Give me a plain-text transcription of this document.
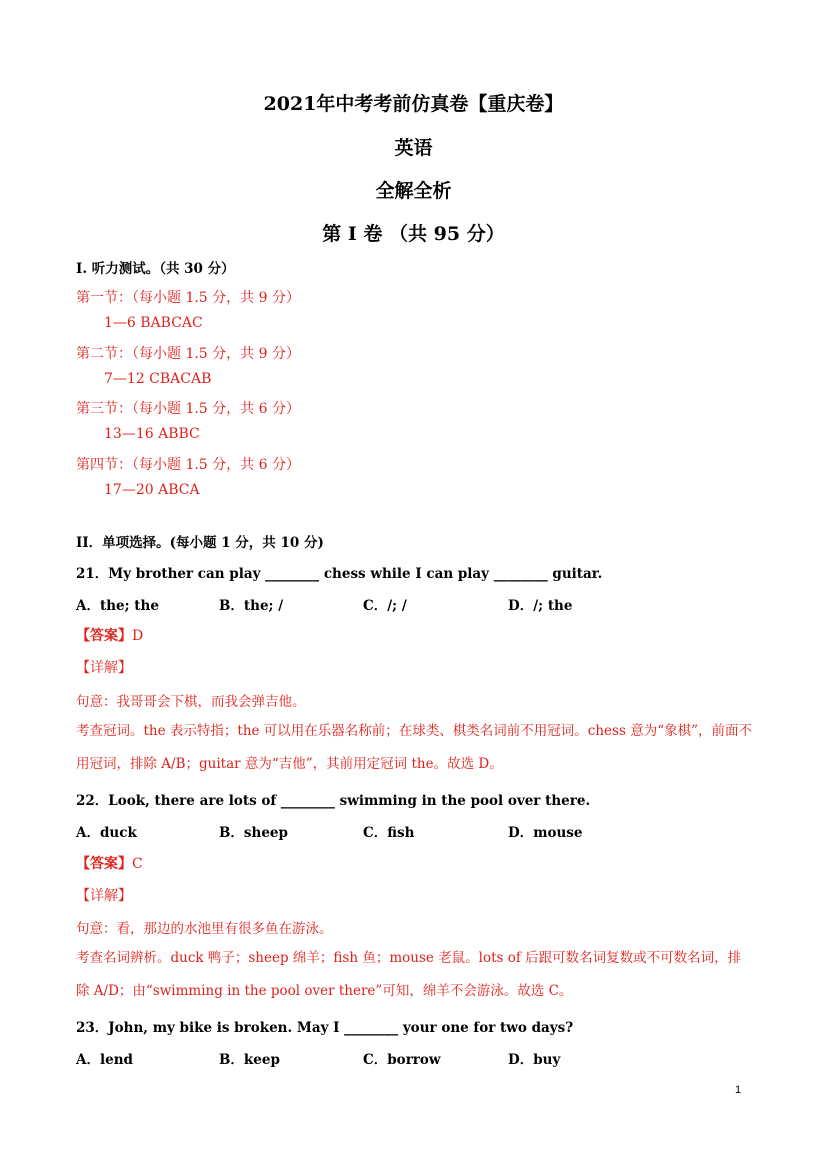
2021年中考考前仿真卷【重庆卷】
英语
全解全析
第 I 卷 （共 95 分）
I. 听力测试。（共 30 分）
第一节：（每小题 1.5 分，共 9 分）
1—6 BABCAC
第二节：（每小题 1.5 分，共 9 分）
7—12 CBACAB
第三节：（每小题 1.5 分，共 6 分）
13—16 ABBC
第四节：（每小题 1.5 分，共 6 分）
17—20 ABCA
II．单项选择。(每小题 1 分，共 10 分)
21．My brother can play ________ chess while I can play ________ guitar.
A．the; the	B．the; /	C．/; /	D．/; the
【答案】D
【详解】
句意：我哥哥会下棋，而我会弹吉他。
考查冠词。the 表示特指；the 可以用在乐器名称前；在球类、棋类名词前不用冠词。chess 意为“象棋”，前面不用冠词，排除 A/B；guitar 意为“吉他”，其前用定冠词 the。故选 D。
22．Look, there are lots of ________ swimming in the pool over there.
A．duck	B．sheep	C．fish	D．mouse
【答案】C
【详解】
句意：看，那边的水池里有很多鱼在游泳。
考查名词辨析。duck 鸭子；sheep 绵羊；fish 鱼；mouse 老鼠。lots of 后跟可数名词复数或不可数名词，排除 A/D；由“swimming in the pool over there”可知，绵羊不会游泳。故选 C。
23．John, my bike is broken. May I ________ your one for two days?
A．lend	B．keep	C．borrow	D．buy
1
